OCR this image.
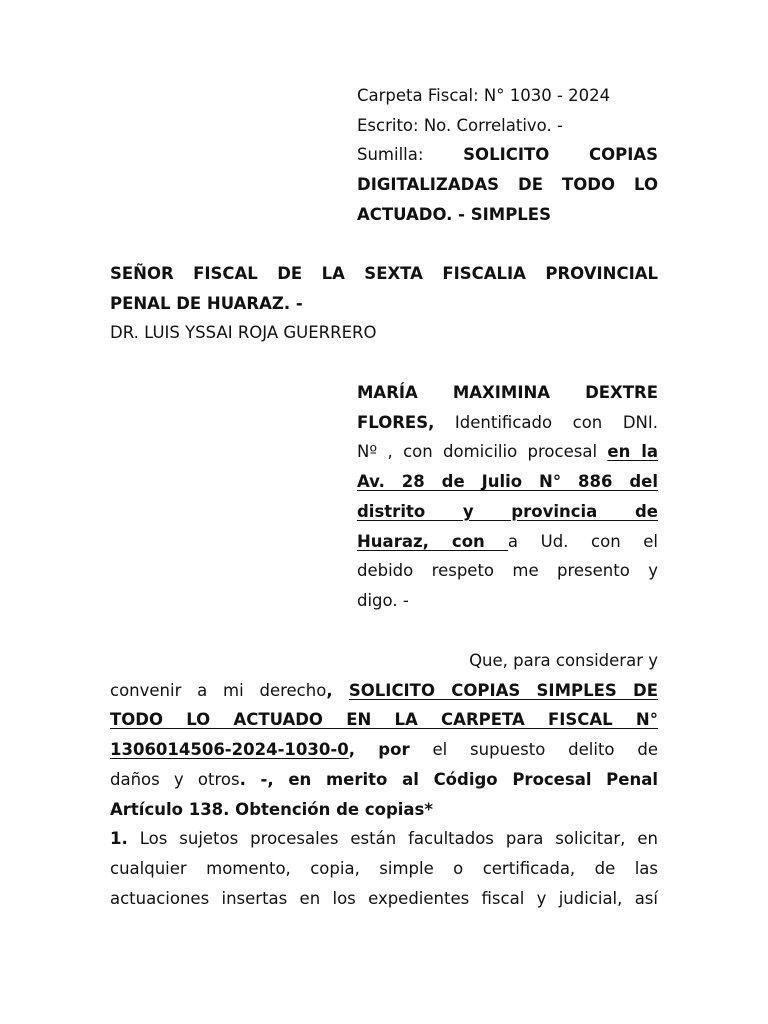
Carpeta Fiscal: N° 1030 - 2024
Escrito: No. Correlativo. -
Sumilla: SOLICITO COPIAS
DIGITALIZADAS DE TODO LO
ACTUADO. - SIMPLES
SEÑOR FISCAL DE LA SEXTA FISCALIA PROVINCIAL
PENAL DE HUARAZ. -
DR. LUIS YSSAI ROJA GUERRERO
MARÍA MAXIMINA DEXTRE
FLORES, Identificado con DNI.
Nº , con domicilio procesal en la
Av. 28 de Julio N° 886 del
distrito y provincia de
Huaraz, con a Ud. con el
debido respeto me presento y
digo. -
Que, para considerar y
convenir a mi derecho, SOLICITO COPIAS SIMPLES DE
TODO LO ACTUADO EN LA CARPETA FISCAL N°
1306014506-2024-1030-0, por el supuesto delito de
daños y otros. -, en merito al Código Procesal Penal
Artículo 138. Obtención de copias*
1. Los sujetos procesales están facultados para solicitar, en
cualquier momento, copia, simple o certificada, de las
actuaciones insertas en los expedientes fiscal y judicial, así
